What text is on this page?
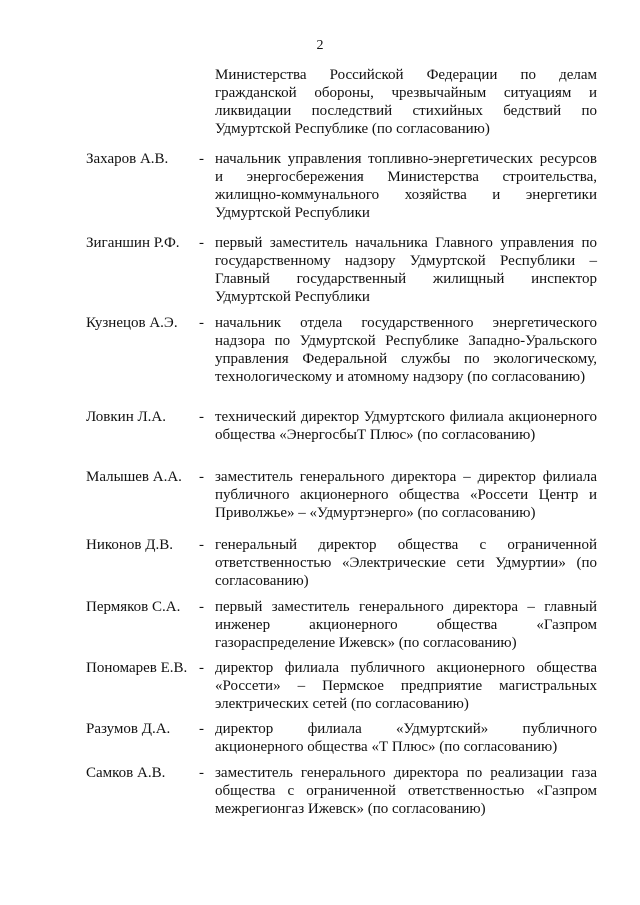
2
Министерства Российской Федерации по делам гражданской обороны, чрезвычайным ситуациям и ликвидации последствий стихийных бедствий по Удмуртской Республике (по согласованию)
Захаров А.В.	- начальник управления топливно-энергетических ресурсов и энергосбережения Министерства строительства, жилищно-коммунального хозяйства и энергетики Удмуртской Республики
Зиганшин Р.Ф.	- первый заместитель начальника Главного управления по государственному надзору Удмуртской Республики – Главный государственный жилищный инспектор Удмуртской Республики
Кузнецов А.Э.	- начальник отдела государственного энергетического надзора по Удмуртской Республике Западно-Уральского управления Федеральной службы по экологическому, технологическому и атомному надзору (по согласованию)
Ловкин Л.А.	- технический директор Удмуртского филиала акционерного общества «ЭнергосбыТ Плюс» (по согласованию)
Малышев А.А.	- заместитель генерального директора – директор филиала публичного акционерного общества «Россети Центр и Приволжье» – «Удмуртэнерго» (по согласованию)
Никонов Д.В.	- генеральный директор общества с ограниченной ответственностью «Электрические сети Удмуртии» (по согласованию)
Пермяков С.А.	- первый заместитель генерального директора – главный инженер акционерного общества «Газпром газораспределение Ижевск» (по согласованию)
Пономарев Е.В. - директор филиала публичного акционерного общества «Россети» – Пермское предприятие магистральных электрических сетей (по согласованию)
Разумов Д.А.	- директор филиала «Удмуртский» публичного акционерного общества «Т Плюс» (по согласованию)
Самков А.В.	- заместитель генерального директора по реализации газа общества с ограниченной ответственностью «Газпром межрегионгаз Ижевск» (по согласованию)
